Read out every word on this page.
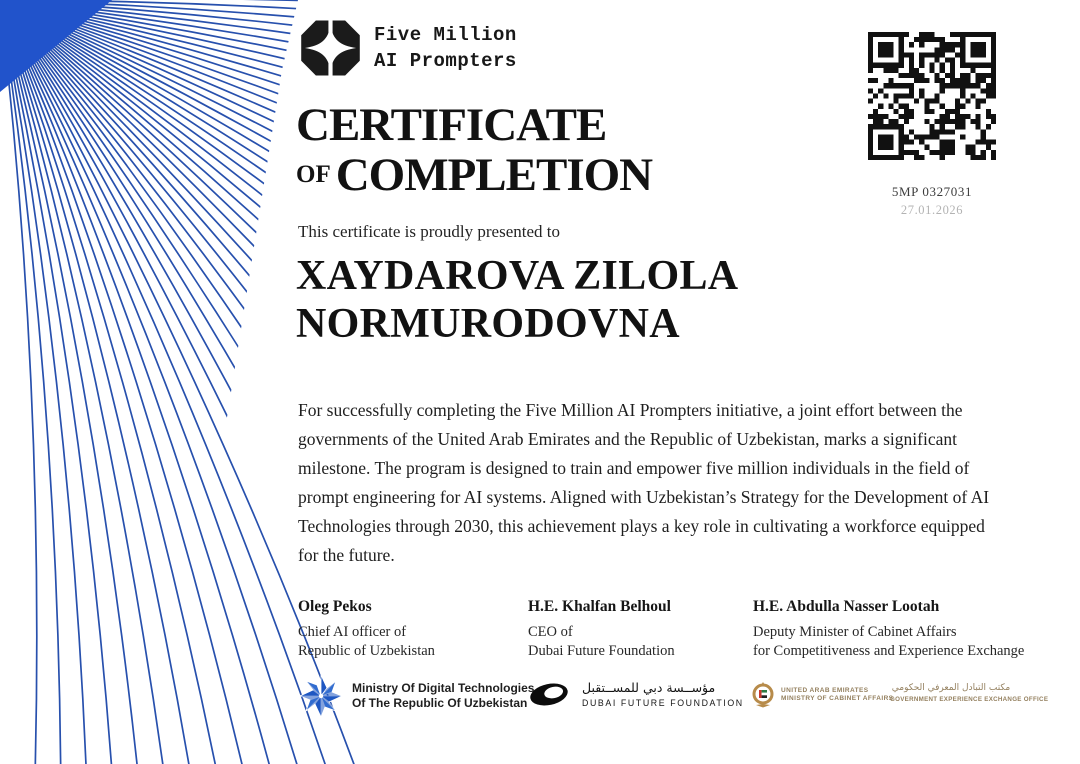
Five Million
AI Prompters
5MP 0327031
27.01.2026
CERTIFICATE
OF COMPLETION

This certificate is proudly presented to

XAYDAROVA ZILOLA
NORMURODOVNA

For successfully completing the Five Million AI Prompters initiative, a joint effort between the governments of the United Arab Emirates and the Republic of Uzbekistan, marks a significant milestone. The program is designed to train and empower five million individuals in the field of prompt engineering for AI systems. Aligned with Uzbekistan’s Strategy for the Development of AI Technologies through 2030, this achievement plays a key role in cultivating a workforce equipped for the future.

Oleg Pekos
Chief AI officer of
Republic of Uzbekistan
H.E. Khalfan Belhoul
CEO of
Dubai Future Foundation
H.E. Abdulla Nasser Lootah
Deputy Minister of Cabinet Affairs
for Competitiveness and Experience Exchange
Ministry Of Digital Technologies
Of The Republic Of Uzbekistan
مؤســسة دبي للمســتقبل
DUBAI FUTURE FOUNDATION
UNITED ARAB EMIRATES
MINISTRY OF CABINET AFFAIRS
مكتب التبادل المعرفي الحكومي
GOVERNMENT EXPERIENCE EXCHANGE OFFICE
